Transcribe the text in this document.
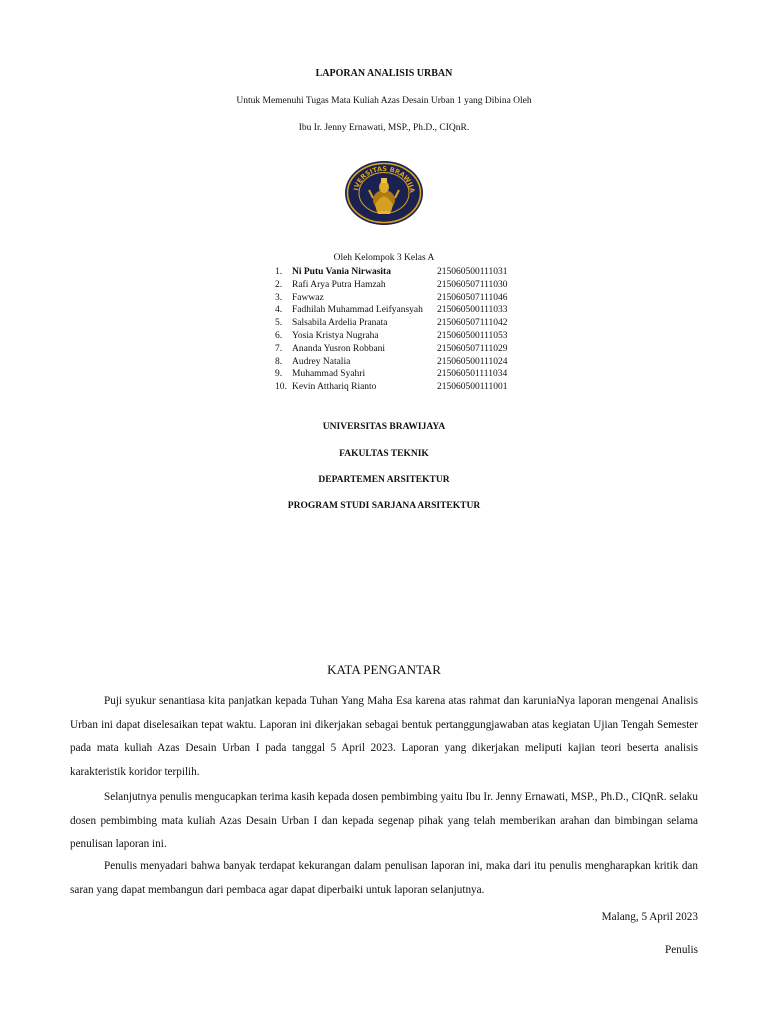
LAPORAN ANALISIS URBAN
Untuk Memenuhi Tugas Mata Kuliah Azas Desain Urban 1 yang Dibina Oleh
Ibu Ir. Jenny Ernawati, MSP., Ph.D., CIQnR.
IVERSITAS BRAWIJA
Oleh Kelompok 3 Kelas A
1.	Ni Putu Vania Nirwasita	215060500111031
2.	Rafi Arya Putra Hamzah	215060507111030
3.	Fawwaz	215060507111046
4.	Fadhilah Muhammad Leifyansyah 215060500111033
5.	Salsabila Ardelia Pranata	215060507111042
6.	Yosia Kristya Nugraha	215060500111053
7.	Ananda Yusron Robbani	215060507111029
8.	Audrey Natalia	215060500111024
9.	Muhammad Syahri	215060501111034
10. Kevin Atthariq Rianto	215060500111001
UNIVERSITAS BRAWIJAYA
FAKULTAS TEKNIK
DEPARTEMEN ARSITEKTUR
PROGRAM STUDI SARJANA ARSITEKTUR
KATA PENGANTAR

Puji syukur senantiasa kita panjatkan kepada Tuhan Yang Maha Esa karena atas rahmat dan karuniaNya laporan mengenai Analisis Urban ini dapat diselesaikan tepat waktu. Laporan ini dikerjakan sebagai bentuk pertanggungjawaban atas kegiatan Ujian Tengah Semester pada mata kuliah Azas Desain Urban I pada tanggal 5 April 2023. Laporan yang dikerjakan meliputi kajian teori beserta analisis karakteristik koridor terpilih.

Selanjutnya penulis mengucapkan terima kasih kepada dosen pembimbing yaitu Ibu Ir. Jenny Ernawati, MSP., Ph.D., CIQnR. selaku dosen pembimbing mata kuliah Azas Desain Urban I dan kepada segenap pihak yang telah memberikan arahan dan bimbingan selama penulisan laporan ini.

Penulis menyadari bahwa banyak terdapat kekurangan dalam penulisan laporan ini, maka dari itu penulis mengharapkan kritik dan saran yang dapat membangun dari pembaca agar dapat diperbaiki untuk laporan selanjutnya.

Malang, 5 April 2023
Penulis
